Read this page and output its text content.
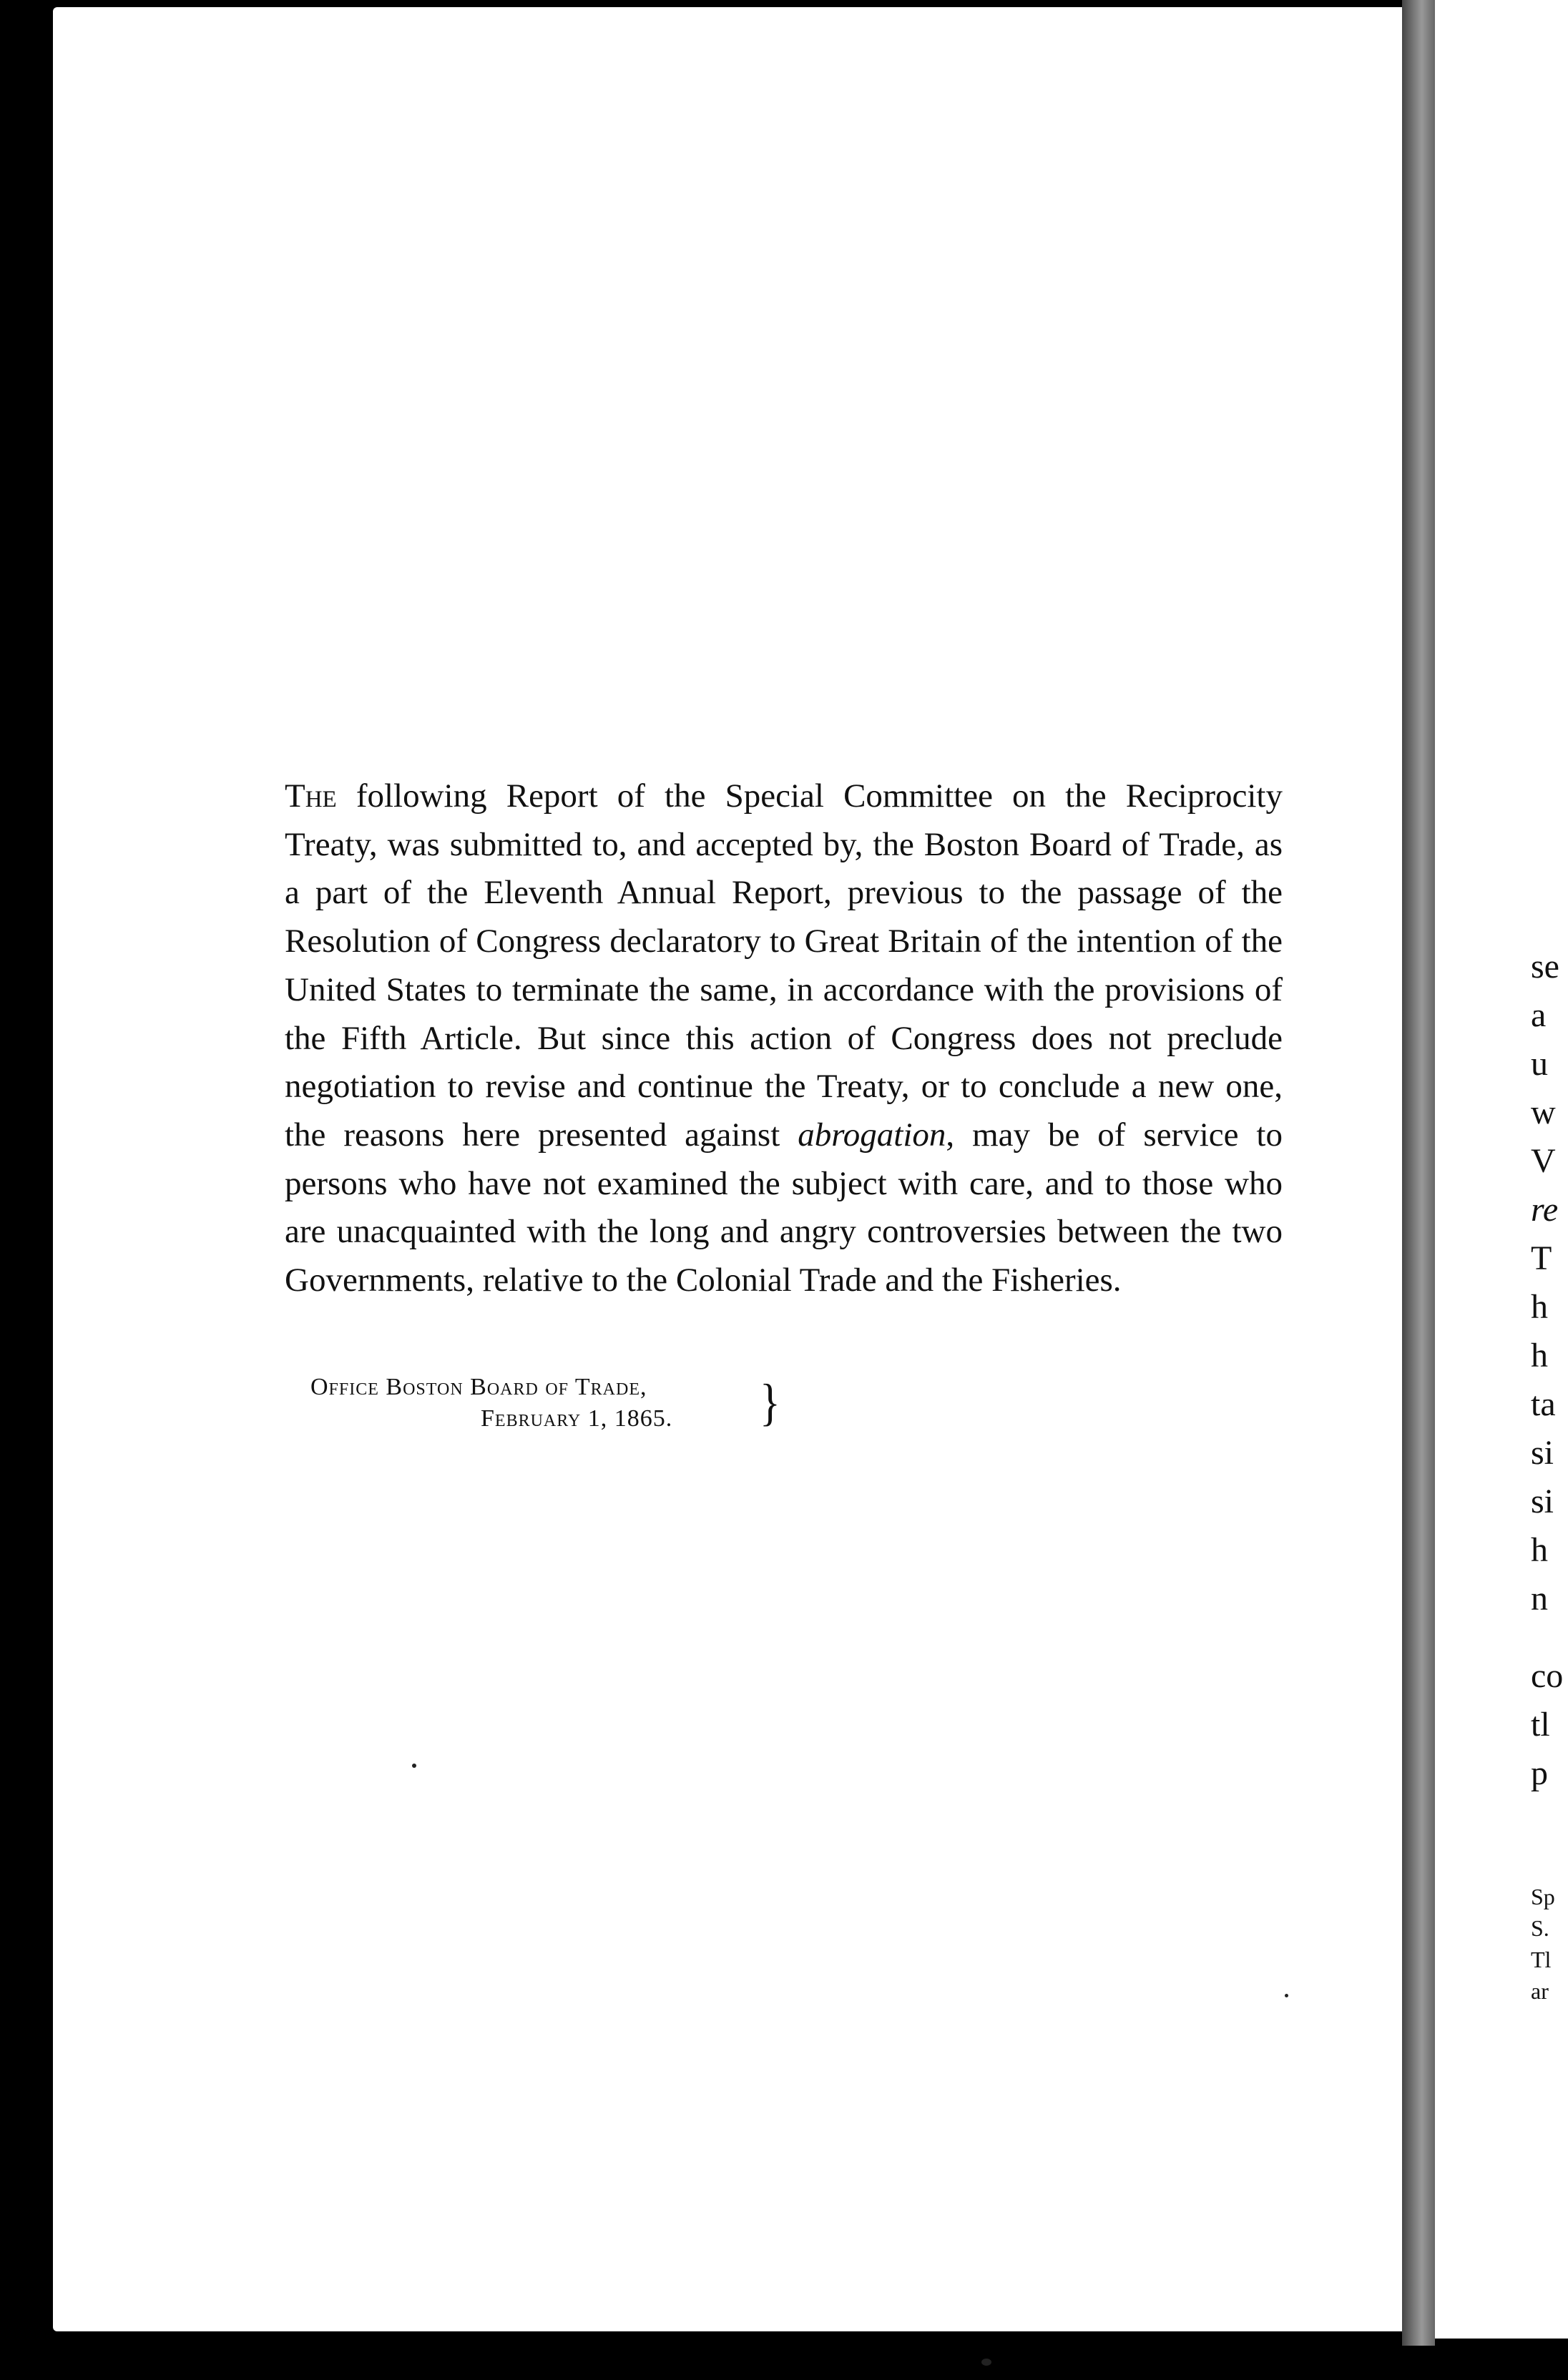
The following Report of the Special Committee on the Reciprocity Treaty, was submitted to, and accepted by, the Boston Board of Trade, as a part of the Eleventh Annual Report, previous to the passage of the Resolution of Congress declaratory to Great Britain of the intention of the United States to terminate the same, in accordance with the provisions of the Fifth Article. But since this action of Congress does not preclude negotiation to revise and continue the Treaty, or to conclude a new one, the reasons here presented against abrogation, may be of service to persons who have not examined the subject with care, and to those who are unacquainted with the long and angry controversies between the two Governments, relative to the Colonial Trade and the Fisheries.

Office Boston Board of Trade,
February 1, 1865.	}
se
a
u
w
V
re
T
h
h
ta
si
si
h
n
co
tl
p
Sp
S.
Tl
ar
